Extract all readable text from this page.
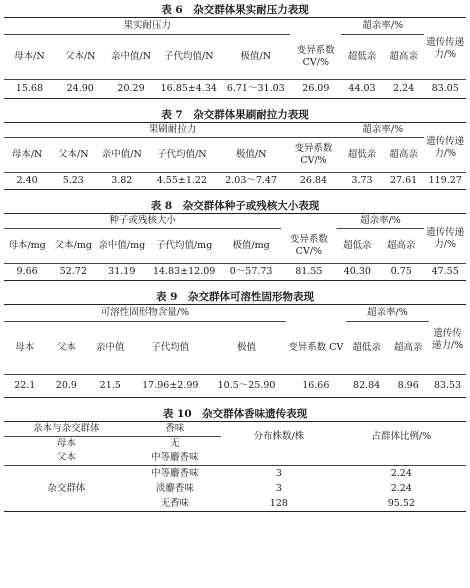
表 6　杂交群体果实耐压力表现

果实耐压力						超亲率/%		遗传传递力/%
母本/N	父本/N	亲中值/N	子代均值/N	极值/N	变异系数 CV/%	超低亲	超高亲	
15.68	24.90	20.29	16.85±4.34	6.71～31.03	26.09	44.03	2.24	83.05

表 7　杂交群体果刷耐拉力表现

果刷耐拉力						超亲率/%		遗传传递力/%
母本/N	父本/N	亲中值/N	子代均值/N	极值/N	变异系数 CV/%	超低亲	超高亲	
2.40	5.23	3.82	4.55±1.22	2.03～7.47	26.84	3.73	27.61	119.27

表 8　杂交群体种子或残核大小表现

种子或残核大小						超亲率/%		遗传传递力/%
母本/mg	父本/mg	亲中值/mg	子代均值/mg	极值/mg	变异系数 CV/%	超低亲	超高亲	
9.66	52.72	31.19	14.83±12.09	0～57.73	81.55	40.30	0.75	47.55

表 9　杂交群体可溶性固形物表现

可溶性固形物含量/%						超亲率/%		遗传传递力/%
母本	父本	亲中值	子代均值	极值	变异系数 CV	超低亲	超高亲	
22.1	20.9	21.5	17.96±2.99	10.5～25.90	16.66	82.84	8.96	83.53

表 10　杂交群体香味遗传表现

亲本与杂交群体	香味	分布株数/株	占群体比例/%
母本	无		
父本	中等麝香味		
杂交群体	中等麝香味	3	2.24
	淡麝香味	3	2.24
	无香味	128	95.52
